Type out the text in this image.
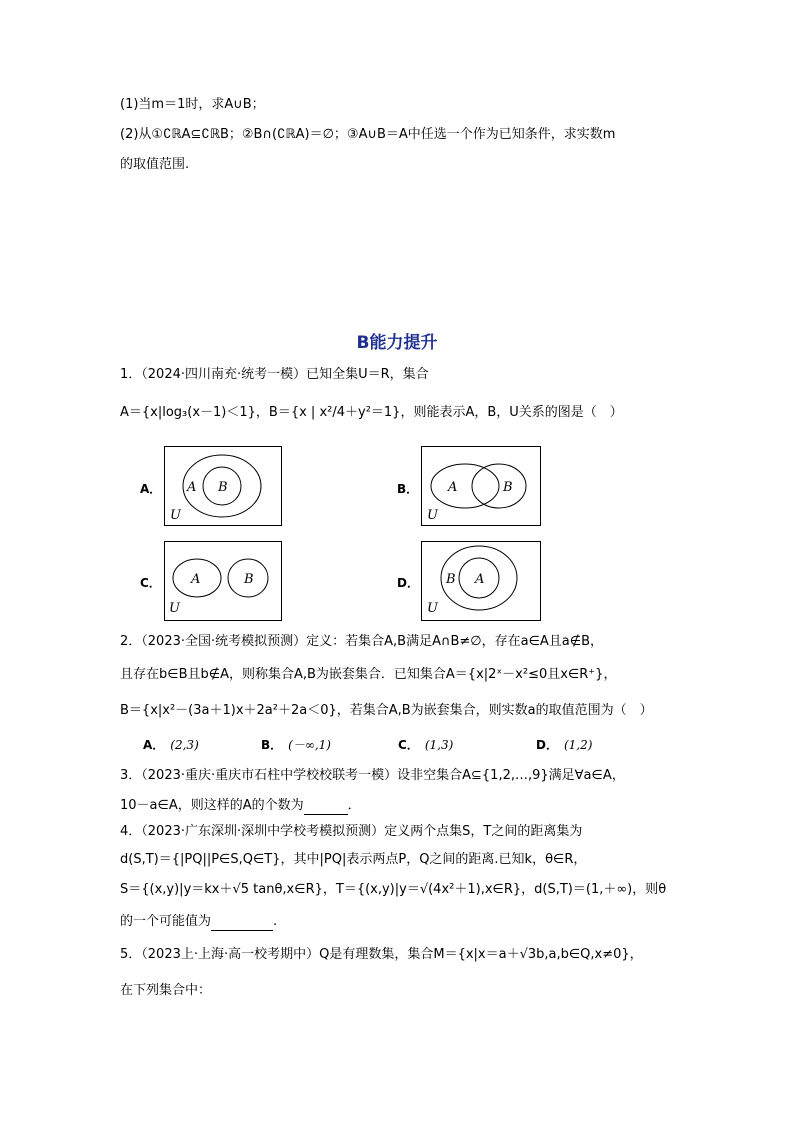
(1)当m＝1时，求A∪B；
(2)从①∁ℝA⊆∁ℝB；②B∩(∁ℝA)＝∅；③A∪B＝A中任选一个作为已知条件，求实数m
的取值范围.
B能力提升
1．（2024·四川南充·统考一模）已知全集U＝R，集合
A＝{x|log₃(x－1)＜1}，B＝{x | x²/4＋y²＝1}，则能表示A，B，U关系的图是（　）
A． A B
U
B． A	B
U
C． A	B
U
D． B A
U
2．（2023·全国·统考模拟预测）定义：若集合A,B满足A∩B≠∅，存在a∈A且a∉B，
且存在b∈B且b∉A，则称集合A,B为嵌套集合．已知集合A＝{x|2ˣ－x²≤0且x∈R⁺}，
B＝{x|x²－(3a＋1)x＋2a²＋2a＜0}，若集合A,B为嵌套集合，则实数a的取值范围为（　）
A． (2,3)	B． (－∞,1)	C． (1,3)	D． (1,2)
3．（2023·重庆·重庆市石柱中学校校联考一模）设非空集合A⊆{1,2,…,9}满足∀a∈A，
10－a∈A，则这样的A的个数为	．
4．（2023·广东深圳·深圳中学校考模拟预测）定义两个点集S，T之间的距离集为
d(S,T)＝{|PQ||P∈S,Q∈T}，其中|PQ|表示两点P，Q之间的距离.已知k，θ∈R，
S＝{(x,y)|y＝kx＋√5 tanθ,x∈R}，T＝{(x,y)|y＝√(4x²＋1),x∈R}，d(S,T)＝(1,＋∞)，则θ
的一个可能值为	.
5．（2023上·上海·高一校考期中）Q是有理数集，集合M＝{x|x＝a＋√3b,a,b∈Q,x≠0}，
在下列集合中：
